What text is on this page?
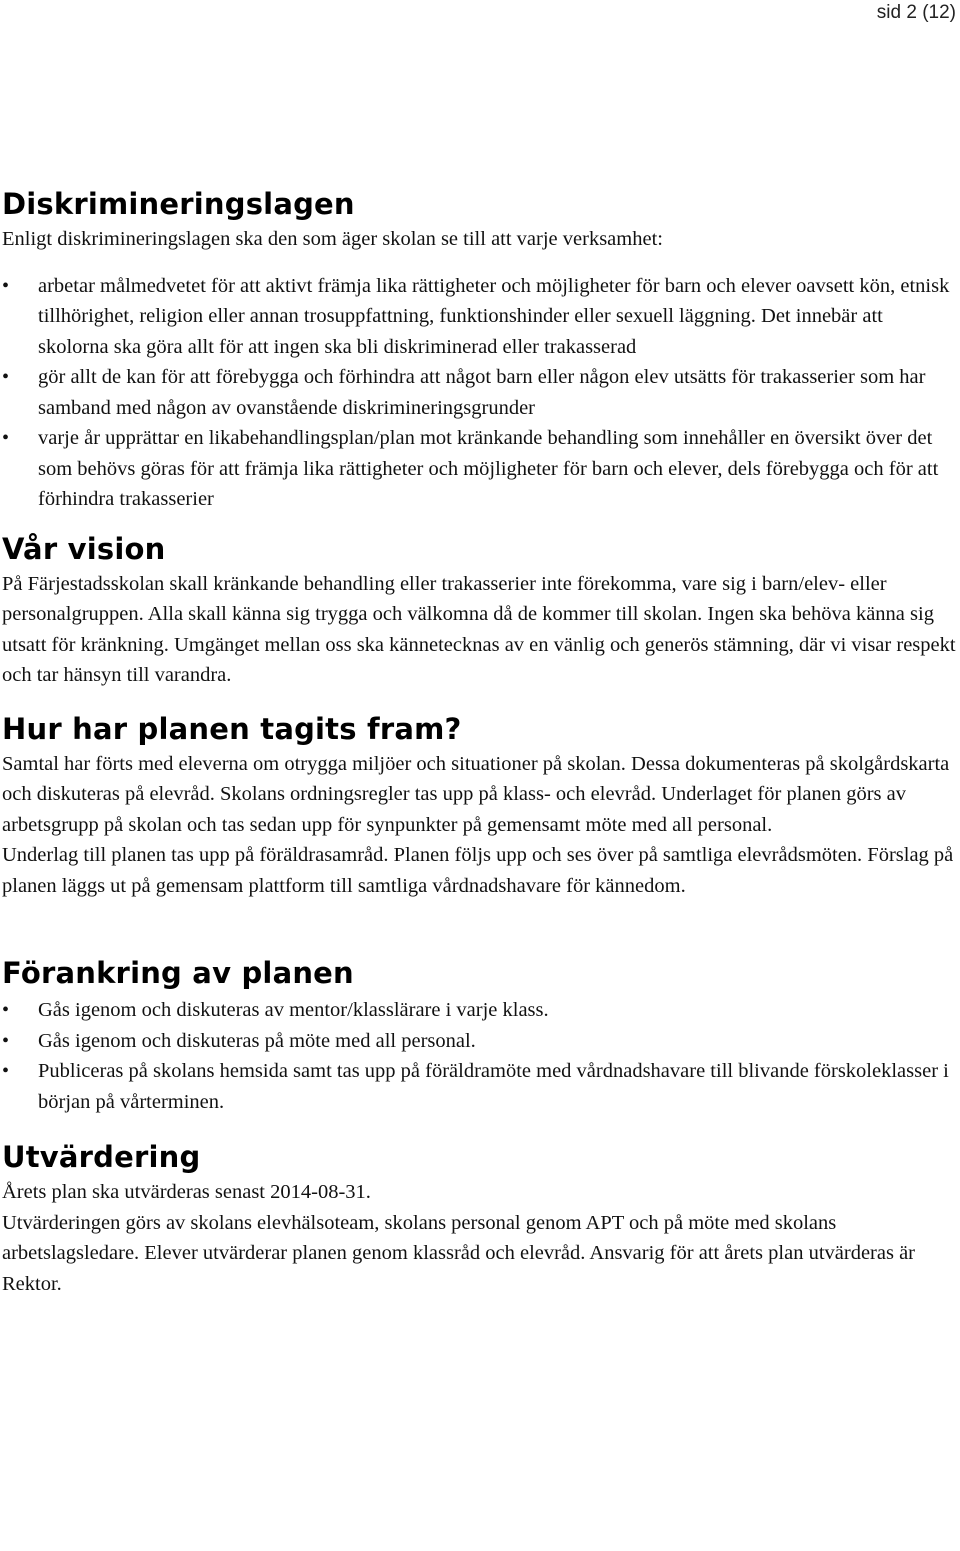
sid 2 (12)
Diskrimineringslagen

Enligt diskrimineringslagen ska den som äger skolan se till att varje verksamhet:

•	arbetar målmedvetet för att aktivt främja lika rättigheter och möjligheter för barn och elever oavsett kön, etnisk tillhörighet, religion eller annan trosuppfattning, funktionshinder eller sexuell läggning. Det innebär att skolorna ska göra allt för att ingen ska bli diskriminerad eller trakasserad
•	gör allt de kan för att förebygga och förhindra att något barn eller någon elev utsätts för trakasserier som har samband med någon av ovanstående diskrimineringsgrunder
•	varje år upprättar en likabehandlingsplan/plan mot kränkande behandling som innehåller en översikt över det som behövs göras för att främja lika rättigheter och möjligheter för barn och elever, dels förebygga och för att förhindra trakasserier
Vår vision

På Färjestadsskolan skall kränkande behandling eller trakasserier inte förekomma, vare sig i barn/elev- eller personalgruppen. Alla skall känna sig trygga och välkomna då de kommer till skolan. Ingen ska behöva känna sig utsatt för kränkning. Umgänget mellan oss ska kännetecknas av en vänlig och generös stämning, där vi visar respekt och tar hänsyn till varandra.

Hur har planen tagits fram?

Samtal har förts med eleverna om otrygga miljöer och situationer på skolan. Dessa dokumenteras på skolgårdskarta och diskuteras på elevråd. Skolans ordningsregler tas upp på klass- och elevråd. Underlaget för planen görs av arbetsgrupp på skolan och tas sedan upp för synpunkter på gemensamt möte med all personal.

Underlag till planen tas upp på föräldrasamråd. Planen följs upp och ses över på samtliga elevrådsmöten. Förslag på planen läggs ut på gemensam plattform till samtliga vårdnadshavare för kännedom.

Förankring av planen
•	Gås igenom och diskuteras av mentor/klasslärare i varje klass.
•	Gås igenom och diskuteras på möte med all personal.
•	Publiceras på skolans hemsida samt tas upp på föräldramöte med vårdnadshavare till blivande förskoleklasser i början på vårterminen.
Utvärdering

Årets plan ska utvärderas senast 2014-08-31.

Utvärderingen görs av skolans elevhälsoteam, skolans personal genom APT och på möte med skolans arbetslagsledare. Elever utvärderar planen genom klassråd och elevråd. Ansvarig för att årets plan utvärderas är Rektor.
